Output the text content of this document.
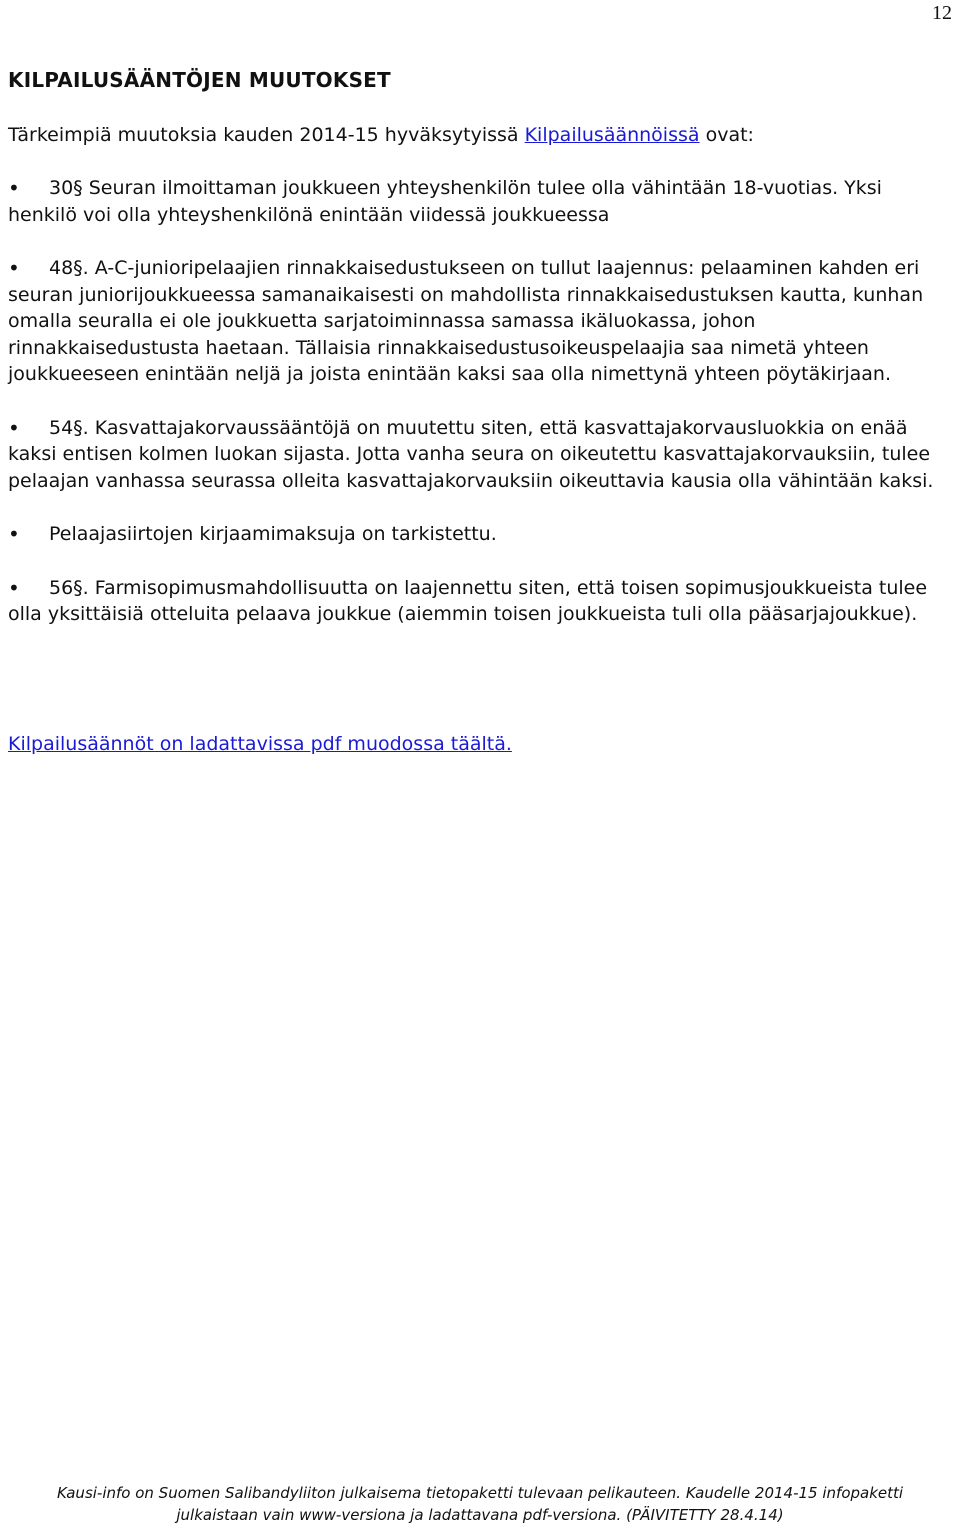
12
KILPAILUSÄÄNTÖJEN MUUTOKSET

Tärkeimpiä muutoksia kauden 2014-15 hyväksytyissä Kilpailusäännöissä ovat:

• 30§ Seuran ilmoittaman joukkueen yhteyshenkilön tulee olla vähintään 18-vuotias. Yksi henkilö voi olla yhteyshenkilönä enintään viidessä joukkueessa
• 48§. A-C-junioripelaajien rinnakkaisedustukseen on tullut laajennus: pelaaminen kahden eri seuran juniorijoukkueessa samanaikaisesti on mahdollista rinnakkaisedustuksen kautta, kunhan omalla seuralla ei ole joukkuetta sarjatoiminnassa samassa ikäluokassa, johon rinnakkaisedustusta haetaan. Tällaisia rinnakkaisedustusoikeuspelaajia saa nimetä yhteen joukkueeseen enintään neljä ja joista enintään kaksi saa olla nimettynä yhteen pöytäkirjaan.
• 54§. Kasvattajakorvaussääntöjä on muutettu siten, että kasvattajakorvausluokkia on enää kaksi entisen kolmen luokan sijasta. Jotta vanha seura on oikeutettu kasvattajakorvauksiin, tulee pelaajan vanhassa seurassa olleita kasvattajakorvauksiin oikeuttavia kausia olla vähintään kaksi.
• Pelaajasiirtojen kirjaamimaksuja on tarkistettu.
• 56§. Farmisopimusmahdollisuutta on laajennettu siten, että toisen sopimusjoukkueista tulee olla yksittäisiä otteluita pelaava joukkue (aiemmin toisen joukkueista tuli olla pääsarjajoukkue).

Kilpailusäännöt on ladattavissa pdf muodossa täältä.

Kausi-info on Suomen Salibandyliiton julkaisema tietopaketti tulevaan pelikauteen. Kaudelle 2014-15 infopaketti
julkaistaan vain www-versiona ja ladattavana pdf-versiona. (PÄIVITETTY 28.4.14)
